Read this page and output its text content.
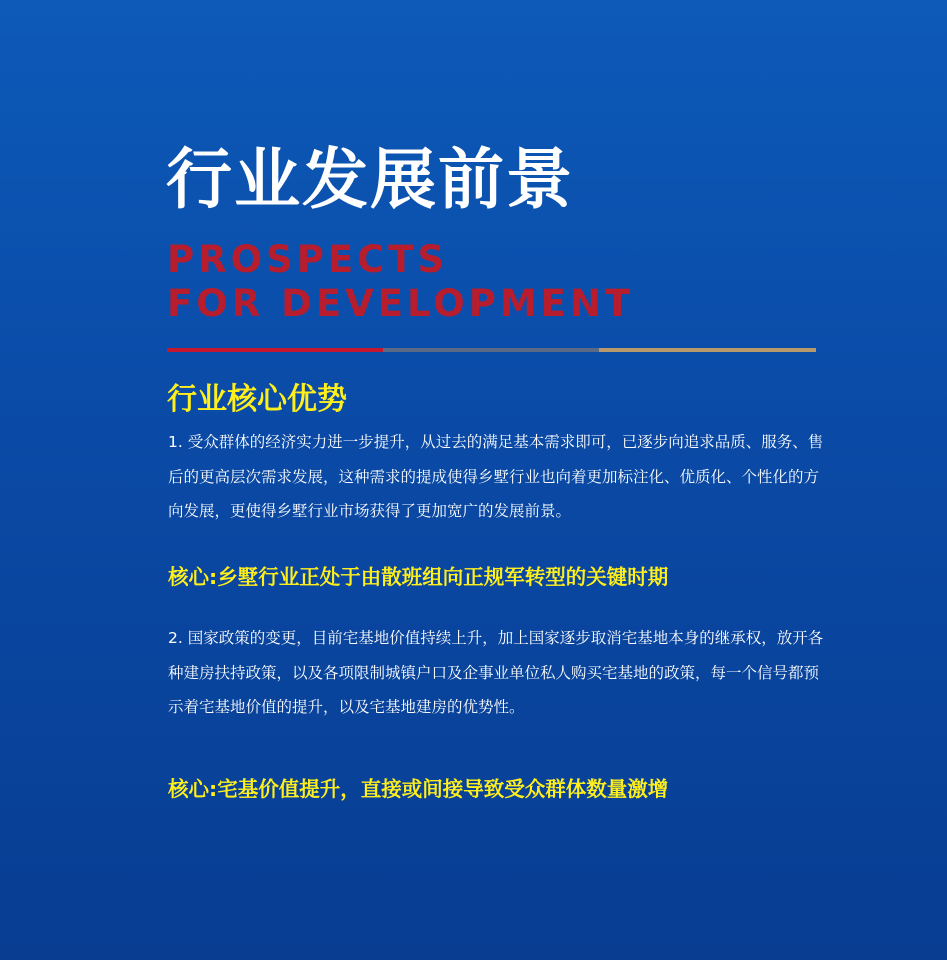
行业发展前景
PROSPECTS
FOR DEVELOPMENT
行业核心优势

1. 受众群体的经济实力进一步提升，从过去的满足基本需求即可，已逐步向追求品质、服务、售后的更高层次需求发展，这种需求的提成使得乡墅行业也向着更加标注化、优质化、个性化的方向发展，更使得乡墅行业市场获得了更加宽广的发展前景。

核心:乡墅行业正处于由散班组向正规军转型的关键时期

2. 国家政策的变更，目前宅基地价值持续上升，加上国家逐步取消宅基地本身的继承权，放开各种建房扶持政策，以及各项限制城镇户口及企事业单位私人购买宅基地的政策，每一个信号都预示着宅基地价值的提升，以及宅基地建房的优势性。

核心:宅基价值提升，直接或间接导致受众群体数量激增
